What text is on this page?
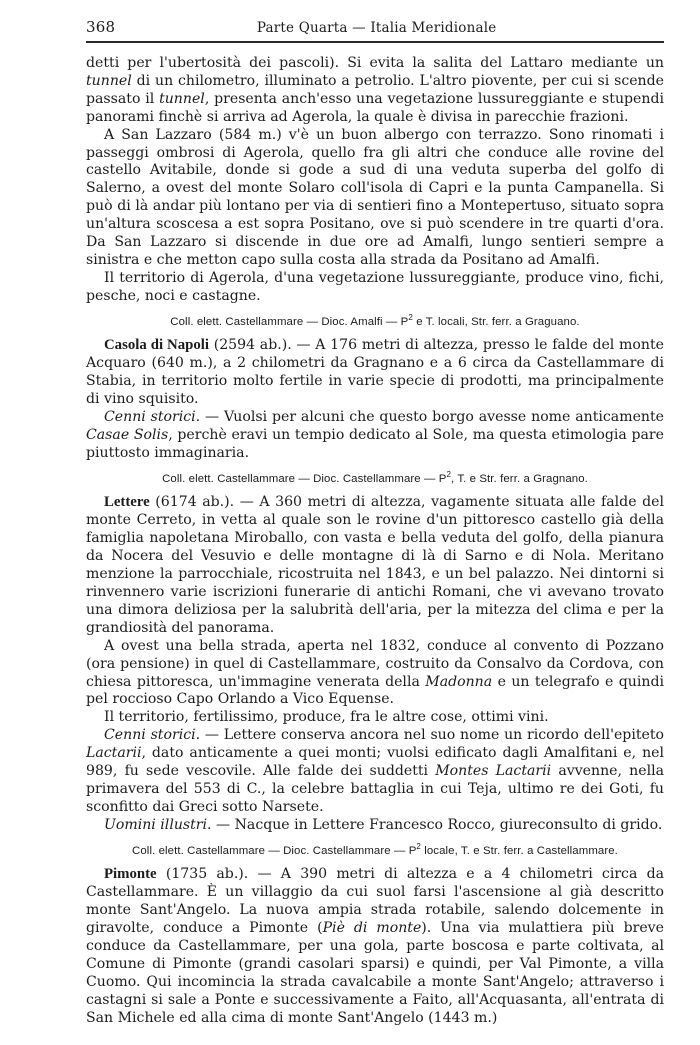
368	Parte Quarta — Italia Meridionale

detti per l'ubertosità dei pascoli). Si evita la salita del Lattaro mediante un tunnel di un chilometro, illuminato a petrolio. L'altro piovente, per cui si scende passato il tunnel, presenta anch'esso una vegetazione lussureggiante e stupendi panorami finchè si arriva ad Agerola, la quale è divisa in parecchie frazioni.

A San Lazzaro (584 m.) v'è un buon albergo con terrazzo. Sono rinomati i passeggi ombrosi di Agerola, quello fra gli altri che conduce alle rovine del castello Avitabile, donde si gode a sud di una veduta superba del golfo di Salerno, a ovest del monte Solaro coll'isola di Capri e la punta Campanella. Si può di là andar più lontano per via di sentieri fino a Montepertuso, situato sopra un'altura scoscesa a est sopra Positano, ove si può scendere in tre quarti d'ora. Da San Lazzaro si discende in due ore ad Amalfi, lungo sentieri sempre a sinistra e che metton capo sulla costa alla strada da Positano ad Amalfi.

Il territorio di Agerola, d'una vegetazione lussureggiante, produce vino, fichi, pesche, noci e castagne.

Coll. elett. Castellammare — Dioc. Amalfi — $P^2$ e T. locali, Str. ferr. a Graguano.

Casola di Napoli (2594 ab.). — A 176 metri di altezza, presso le falde del monte Acquaro (640 m.), a 2 chilometri da Gragnano e a 6 circa da Castellammare di Stabia, in territorio molto fertile in varie specie di prodotti, ma principalmente di vino squisito.

Cenni storici. — Vuolsi per alcuni che questo borgo avesse nome anticamente Casae Solis, perchè eravi un tempio dedicato al Sole, ma questa etimologia pare piuttosto immaginaria.

Coll. elett. Castellammare — Dioc. Castellammare — $P^2$, T. e Str. ferr. a Gragnano.

Lettere (6174 ab.). — A 360 metri di altezza, vagamente situata alle falde del monte Cerreto, in vetta al quale son le rovine d'un pittoresco castello già della famiglia napoletana Miroballo, con vasta e bella veduta del golfo, della pianura da Nocera del Vesuvio e delle montagne di là di Sarno e di Nola. Meritano menzione la parrocchiale, ricostruita nel 1843, e un bel palazzo. Nei dintorni si rinvennero varie iscrizioni funerarie di antichi Romani, che vi avevano trovato una dimora deliziosa per la salubrità dell'aria, per la mitezza del clima e per la grandiosità del panorama.

A ovest una bella strada, aperta nel 1832, conduce al convento di Pozzano (ora pensione) in quel di Castellammare, costruito da Consalvo da Cordova, con chiesa pittoresca, un'immagine venerata della Madonna e un telegrafo e quindi pel roccioso Capo Orlando a Vico Equense.

Il territorio, fertilissimo, produce, fra le altre cose, ottimi vini.

Cenni storici. — Lettere conserva ancora nel suo nome un ricordo dell'epiteto Lactarii, dato anticamente a quei monti; vuolsi edificato dagli Amalfitani e, nel 989, fu sede vescovile. Alle falde dei suddetti Montes Lactarii avvenne, nella primavera del 553 di C., la celebre battaglia in cui Teja, ultimo re dei Goti, fu sconfitto dai Greci sotto Narsete.

Uomini illustri. — Nacque in Lettere Francesco Rocco, giureconsulto di grido.

Coll. elett. Castellammare — Dioc. Castellammare — $P^2$ locale, T. e Str. ferr. a Castellammare.

Pimonte (1735 ab.). — A 390 metri di altezza e a 4 chilometri circa da Castellammare. È un villaggio da cui suol farsi l'ascensione al già descritto monte Sant'Angelo. La nuova ampia strada rotabile, salendo dolcemente in giravolte, conduce a Pimonte (Piè di monte). Una via mulattiera più breve conduce da Castellammare, per una gola, parte boscosa e parte coltivata, al Comune di Pimonte (grandi casolari sparsi) e quindi, per Val Pimonte, a villa Cuomo. Qui incomincia la strada cavalcabile a monte Sant'Angelo; attraverso i castagni si sale a Ponte e successivamente a Faito, all'Acquasanta, all'entrata di San Michele ed alla cima di monte Sant'Angelo (1443 m.)
